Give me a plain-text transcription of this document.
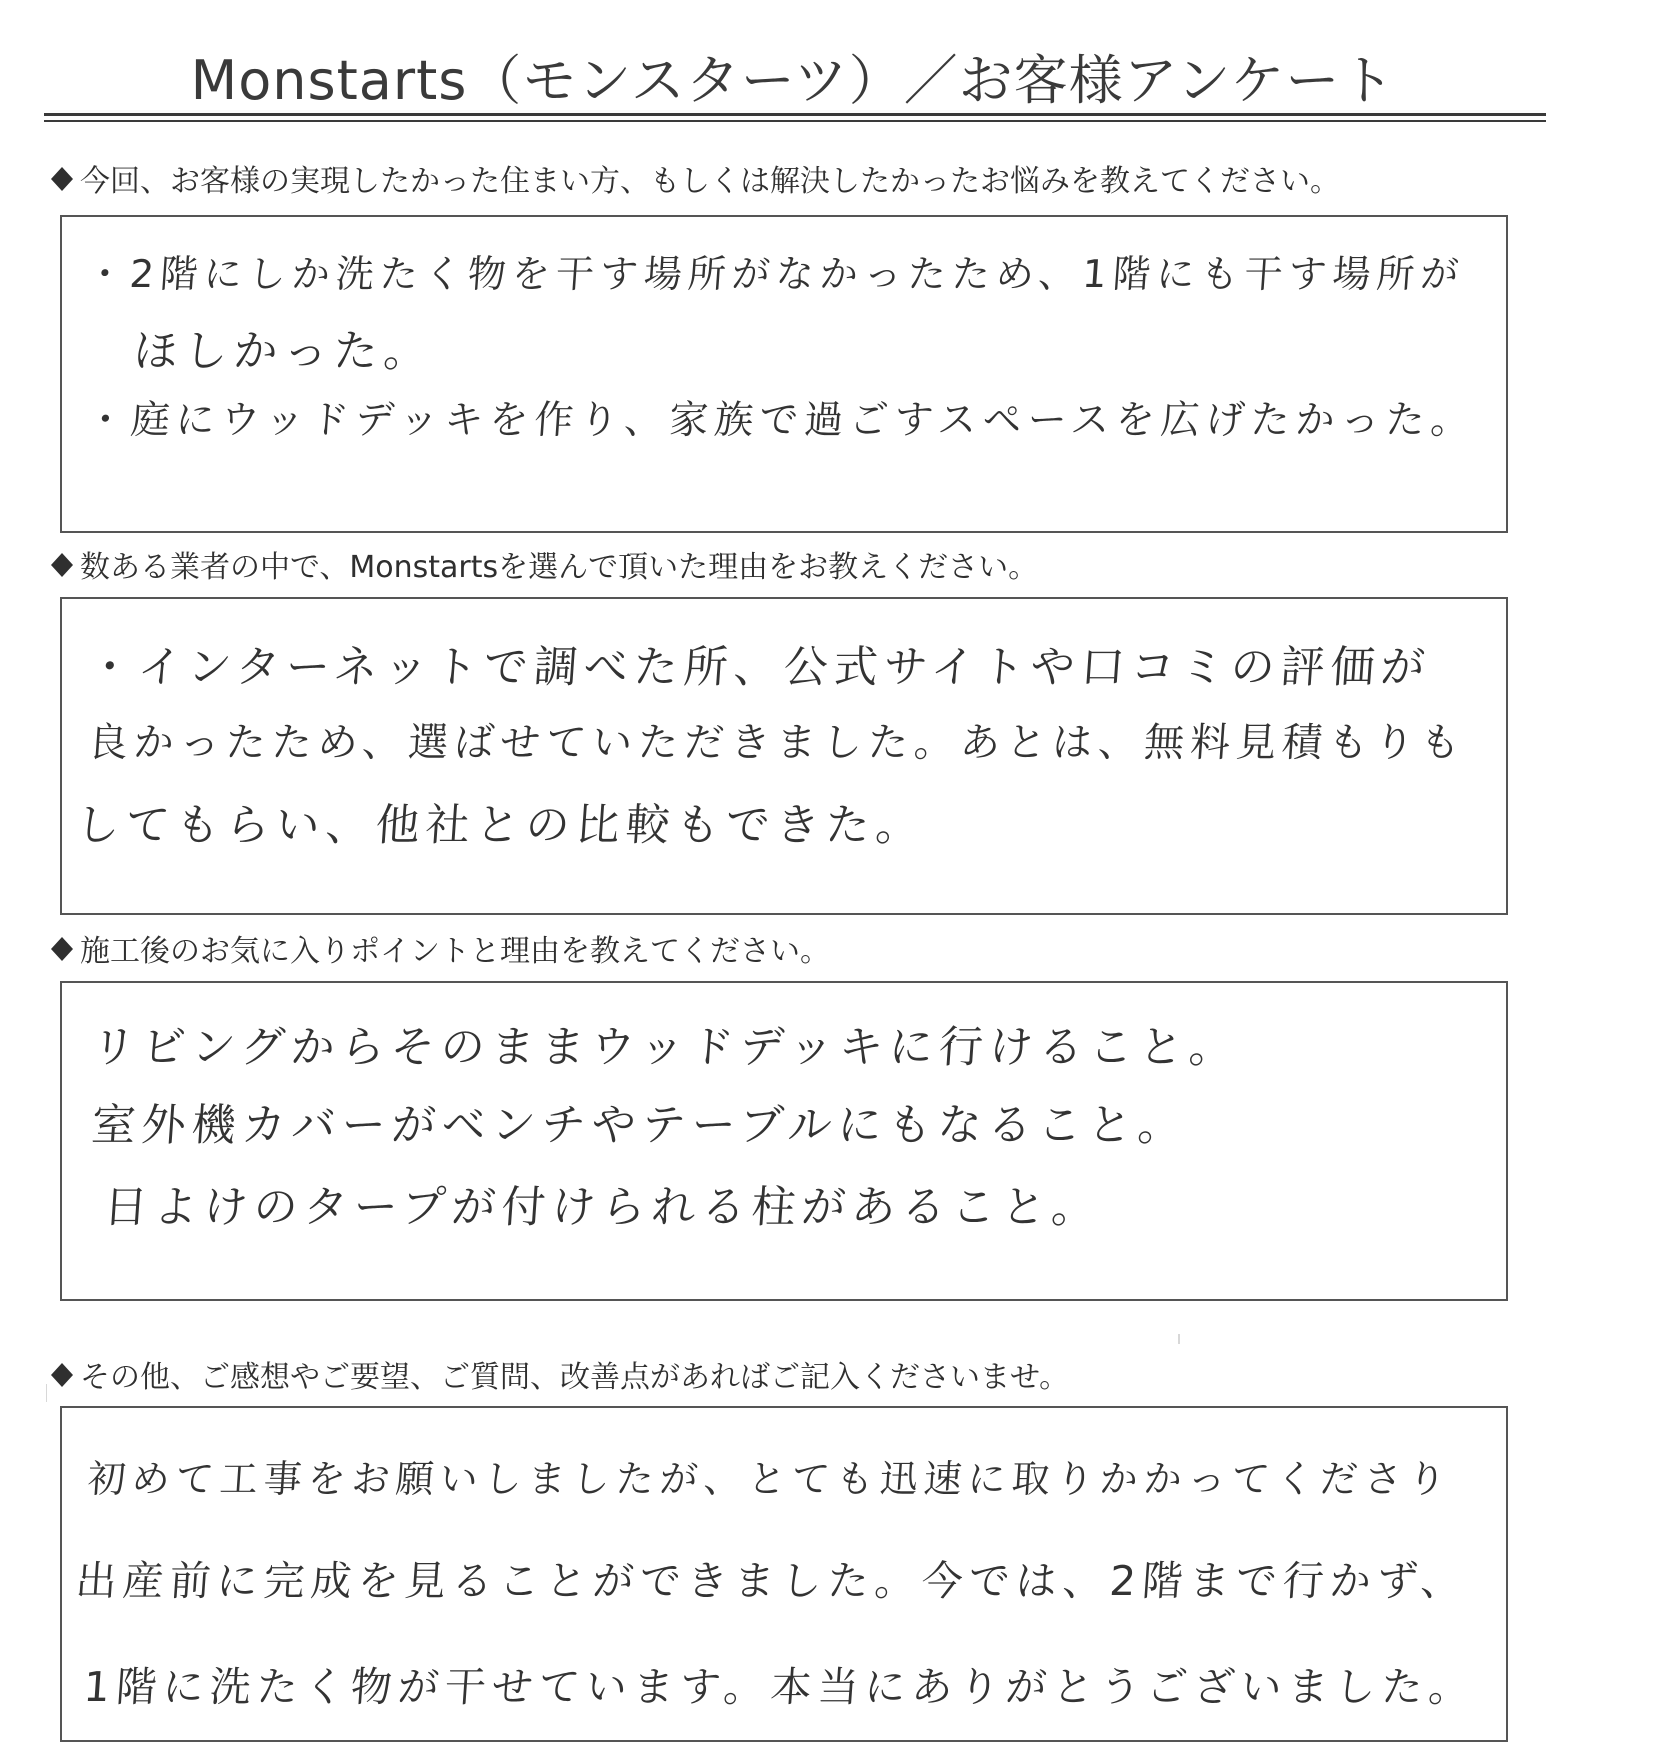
Monstarts（モンスターツ）／お客様アンケート
今回、お客様の実現したかった住まい方、もしくは解決したかったお悩みを教えてください。
・2階にしか洗たく物を干す場所がなかったため、1階にも干す場所が
ほしかった。
・庭にウッドデッキを作り、家族で過ごすスペースを広げたかった。
数ある業者の中で、Monstartsを選んで頂いた理由をお教えください。
・インターネットで調べた所、公式サイトや口コミの評価が
良かったため、選ばせていただきました。あとは、無料見積もりも
してもらい、他社との比較もできた。
施工後のお気に入りポイントと理由を教えてください。
リビングからそのままウッドデッキに行けること。
室外機カバーがベンチやテーブルにもなること。
日よけのタープが付けられる柱があること。
その他、ご感想やご要望、ご質問、改善点があればご記入くださいませ。
初めて工事をお願いしましたが、とても迅速に取りかかってくださり
出産前に完成を見ることができました。今では、2階まで行かず、
1階に洗たく物が干せています。本当にありがとうございました。
